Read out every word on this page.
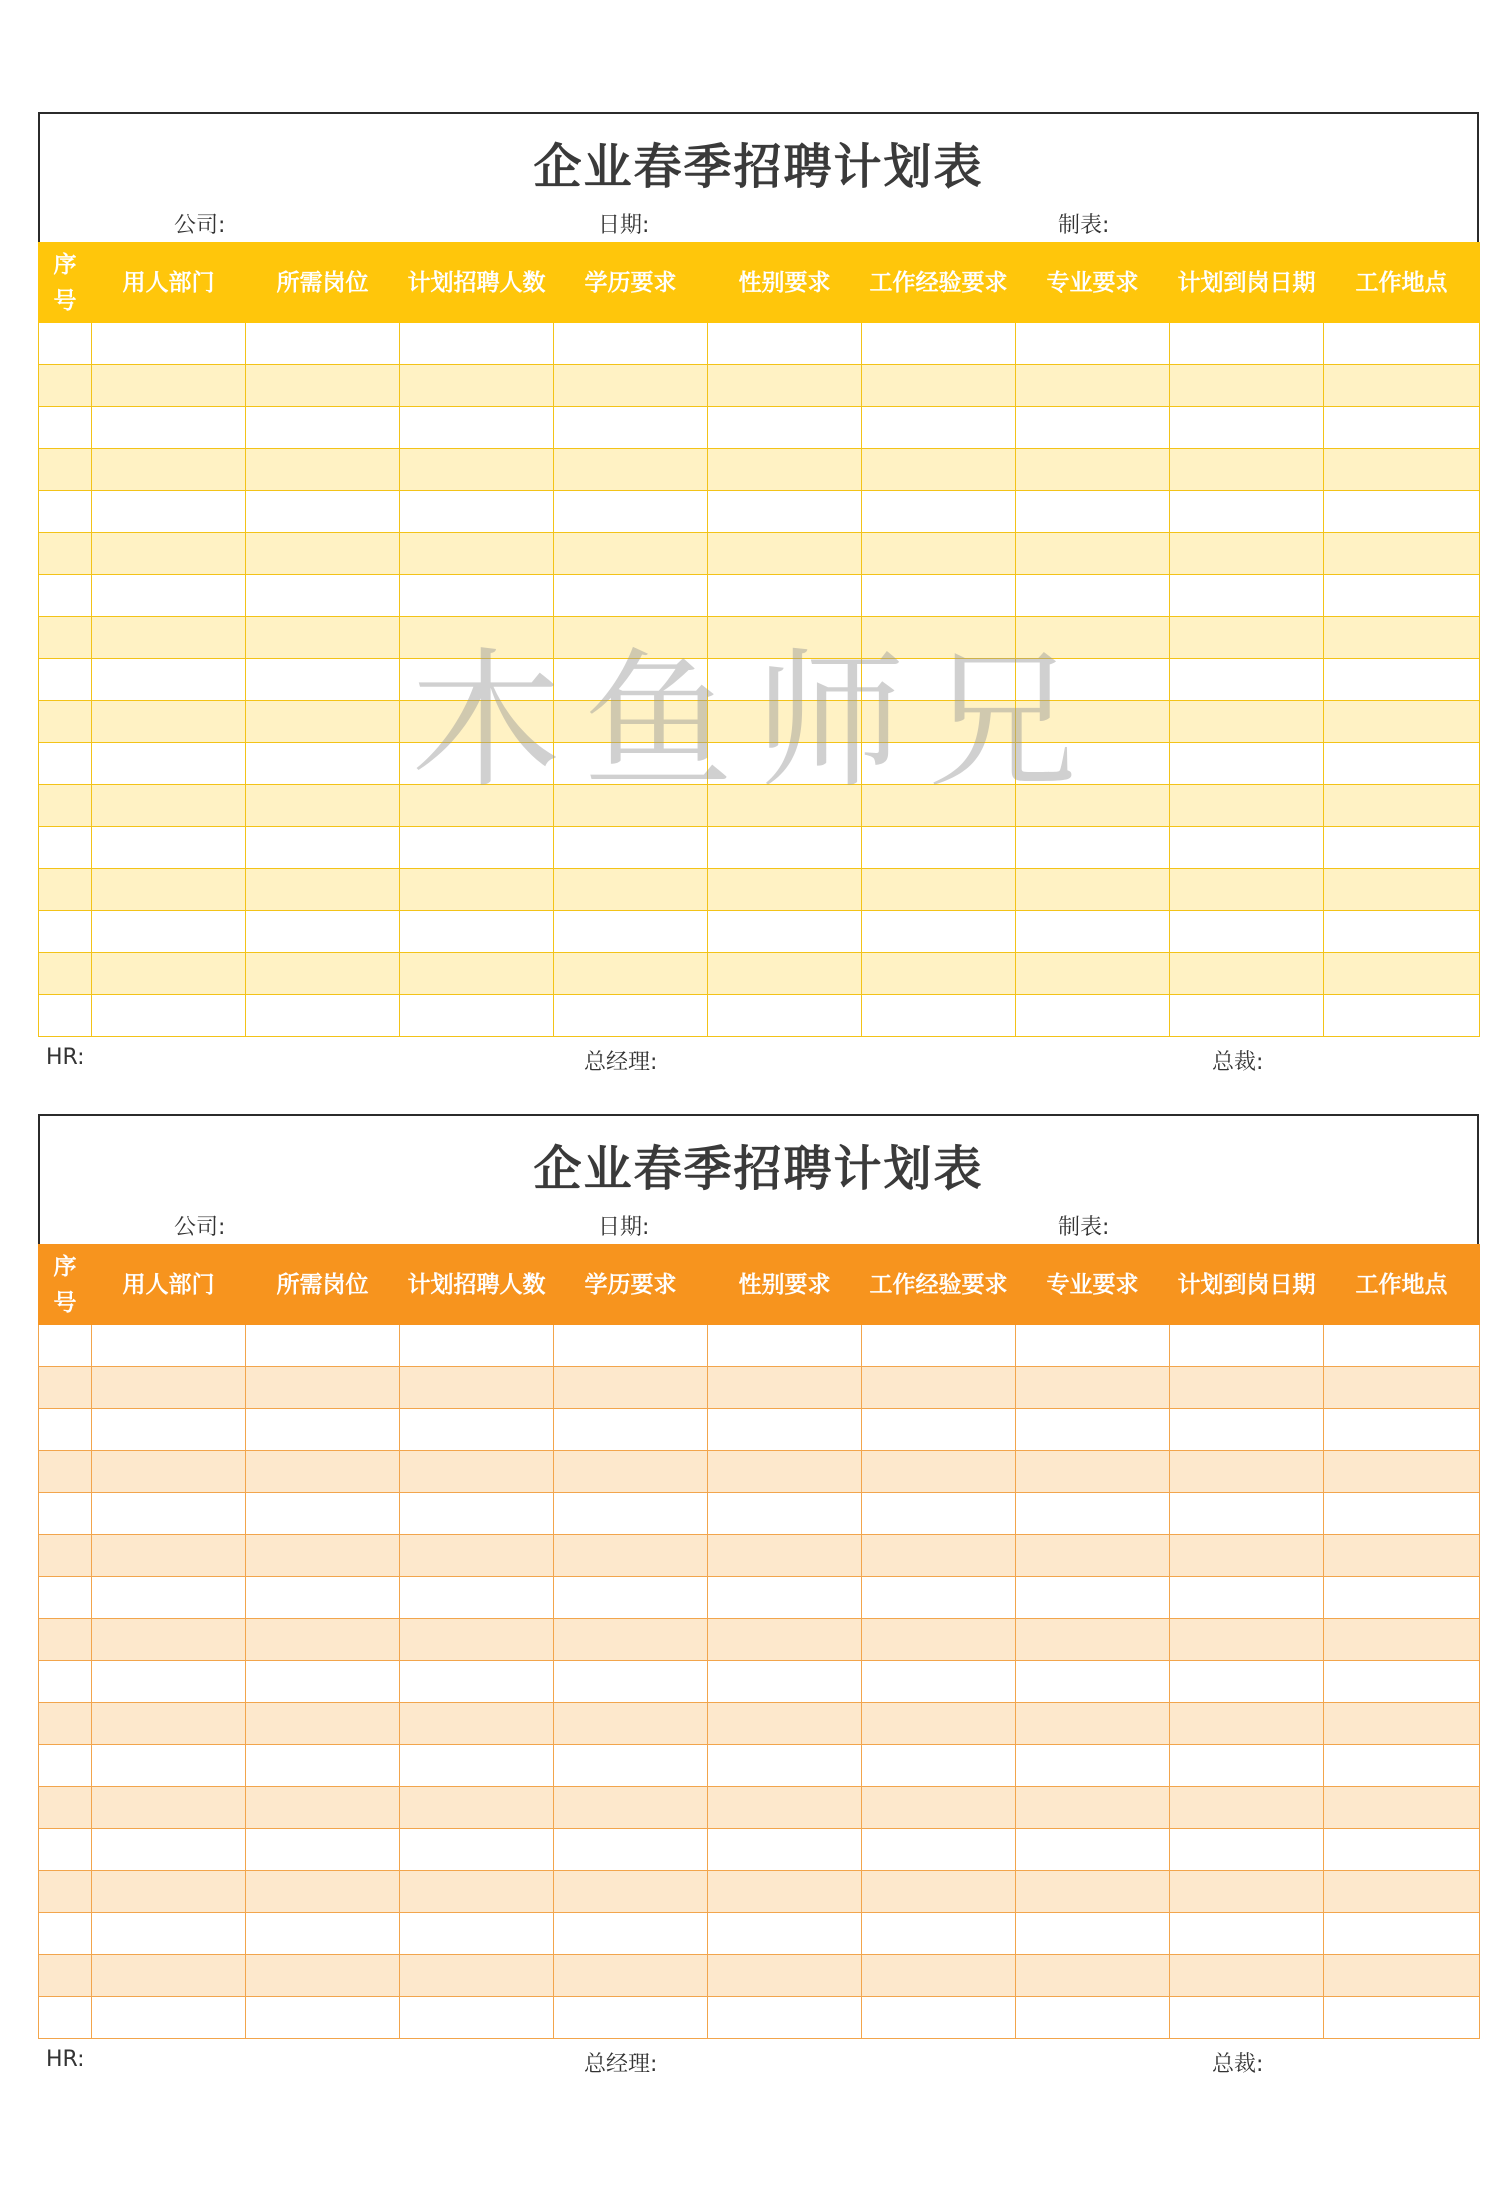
企业春季招聘计划表
公司:	日期:	制表:
序
号	用人部门	所需岗位	计划招聘人数	学历要求	性别要求	工作经验要求	专业要求	计划到岗日期	工作地点

HR:	总经理:	总裁:
企业春季招聘计划表
公司:	日期:	制表:
序
号	用人部门	所需岗位	计划招聘人数	学历要求	性别要求	工作经验要求	专业要求	计划到岗日期	工作地点

HR:	总经理:	总裁:
木鱼师兄
